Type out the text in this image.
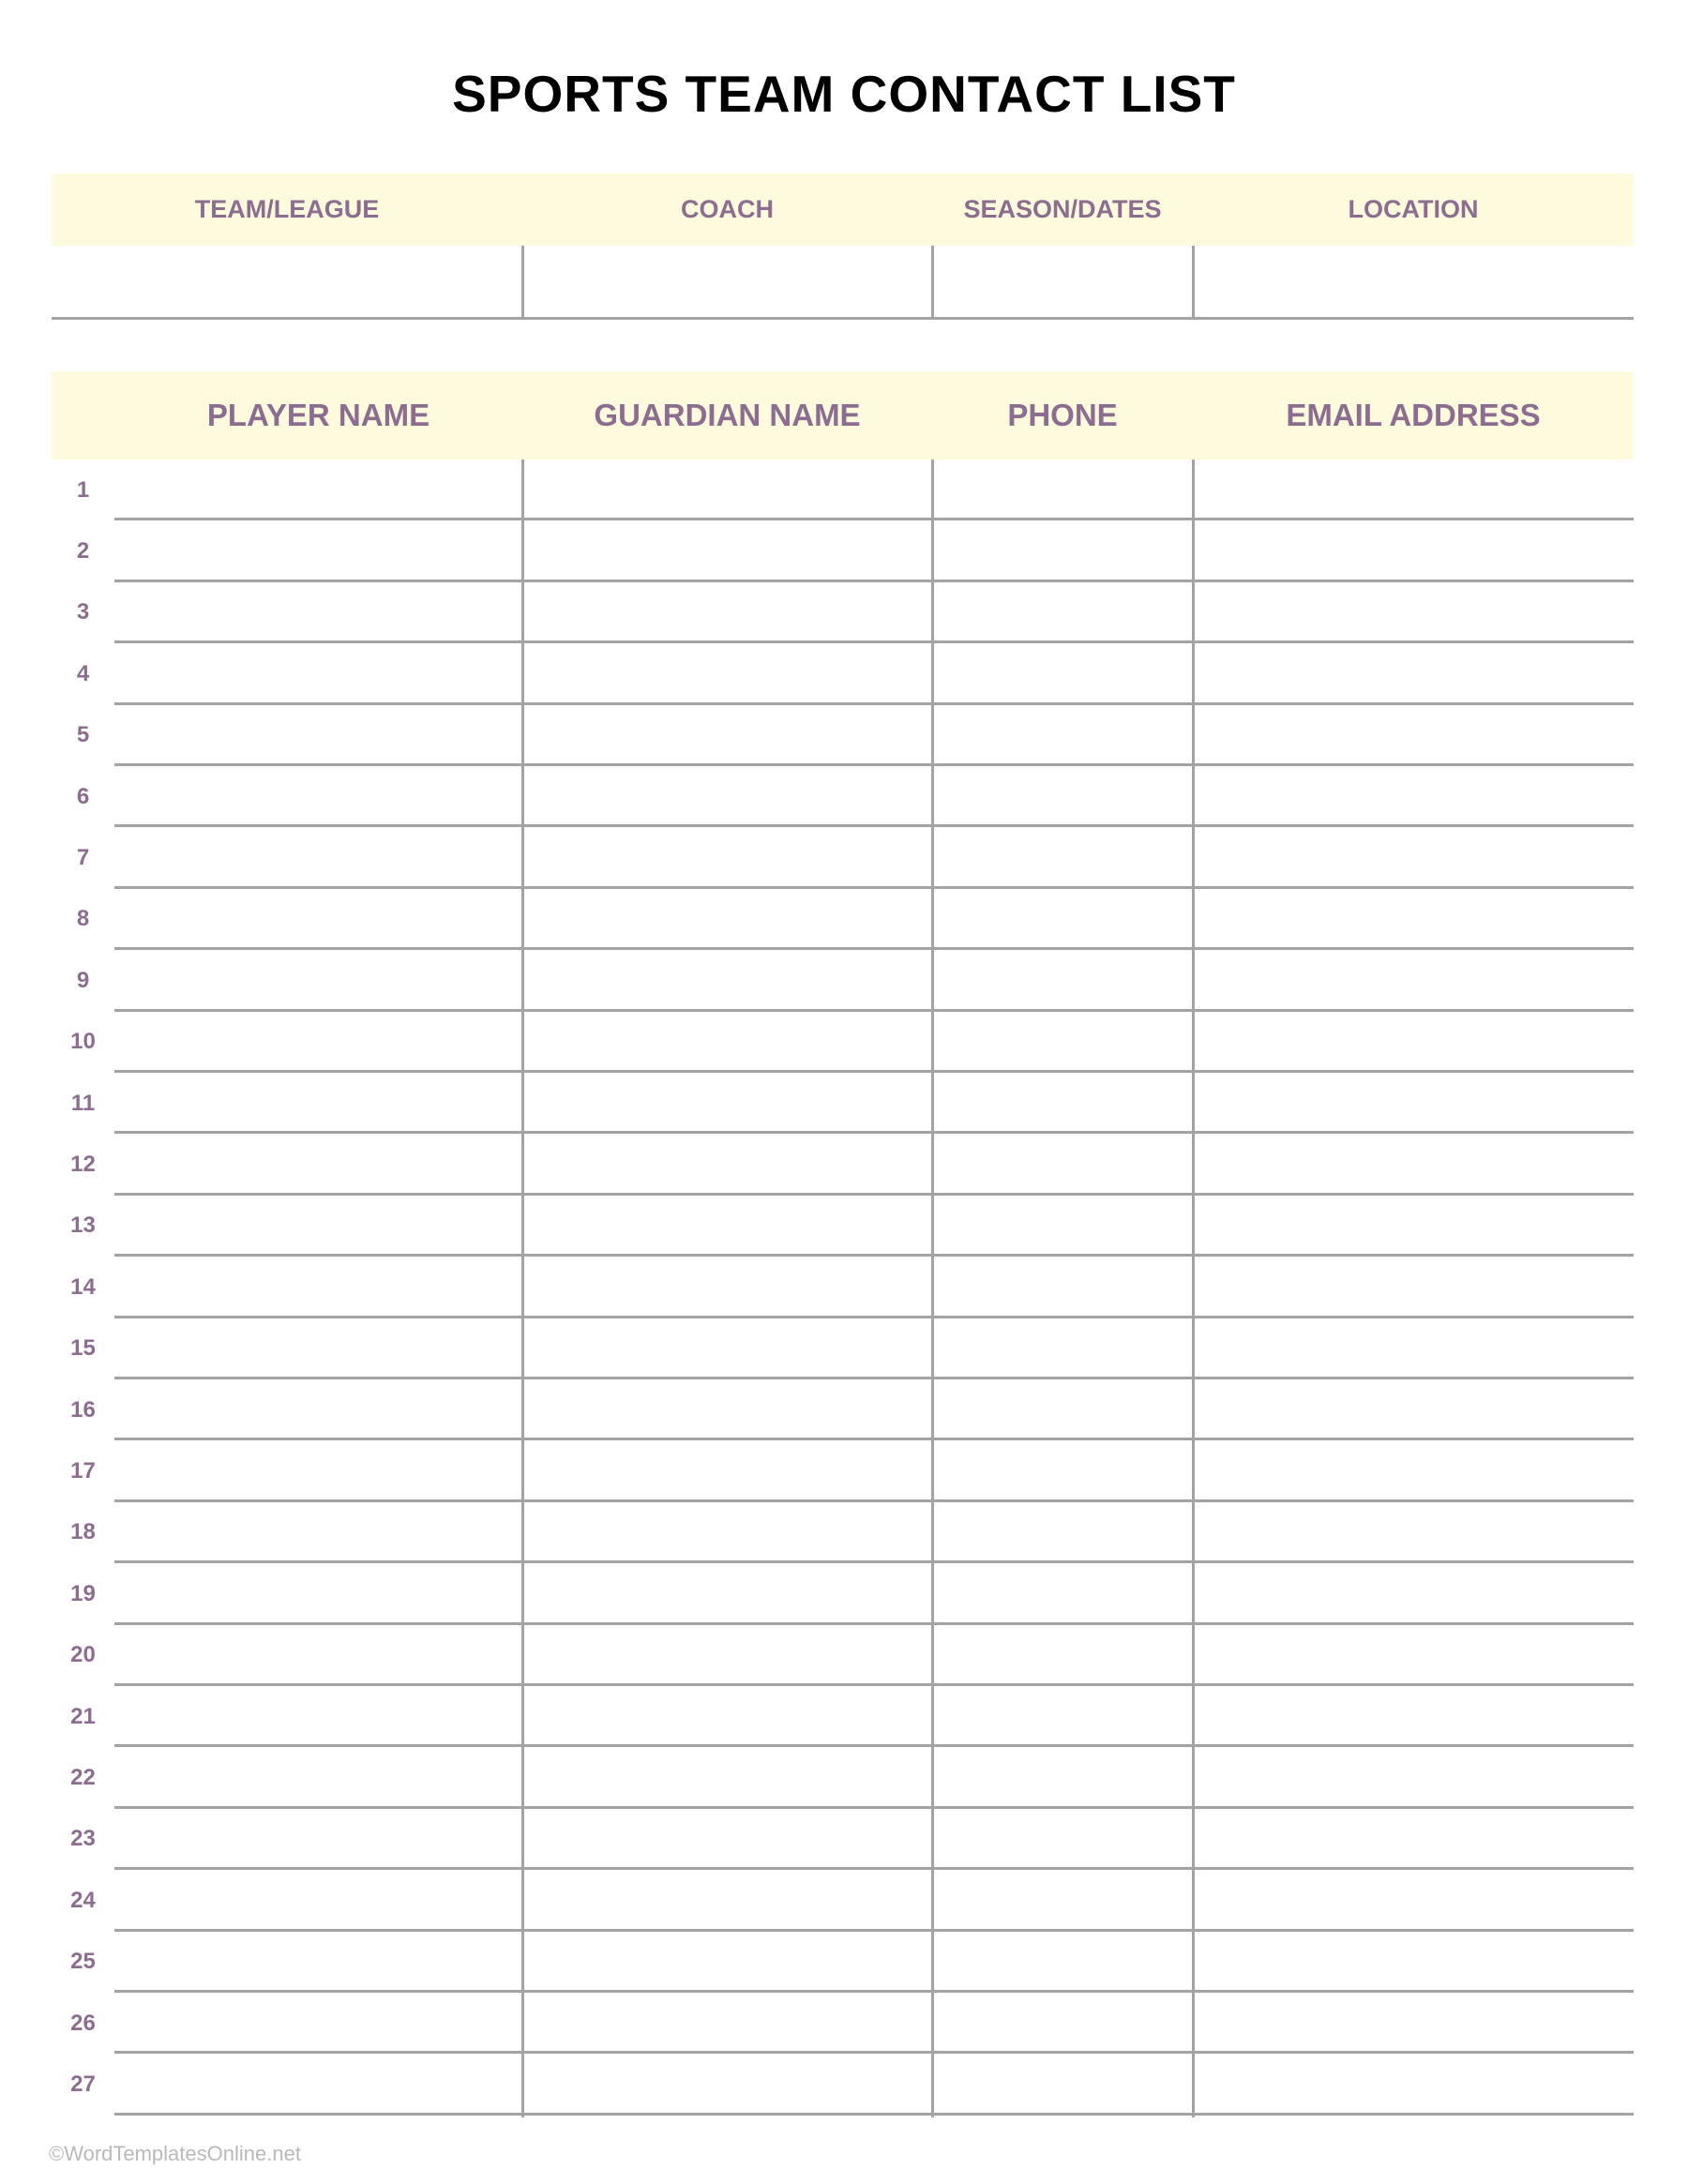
SPORTS TEAM CONTACT LIST
TEAM/LEAGUE	COACH	SEASON/DATES	LOCATION
PLAYER NAME	GUARDIAN NAME	PHONE	EMAIL ADDRESS
1
2
3
4
5
6
7
8
9
10
11
12
13
14
15
16
17
18
19
20
21
22
23
24
25
26
27
©WordTemplatesOnline.net
